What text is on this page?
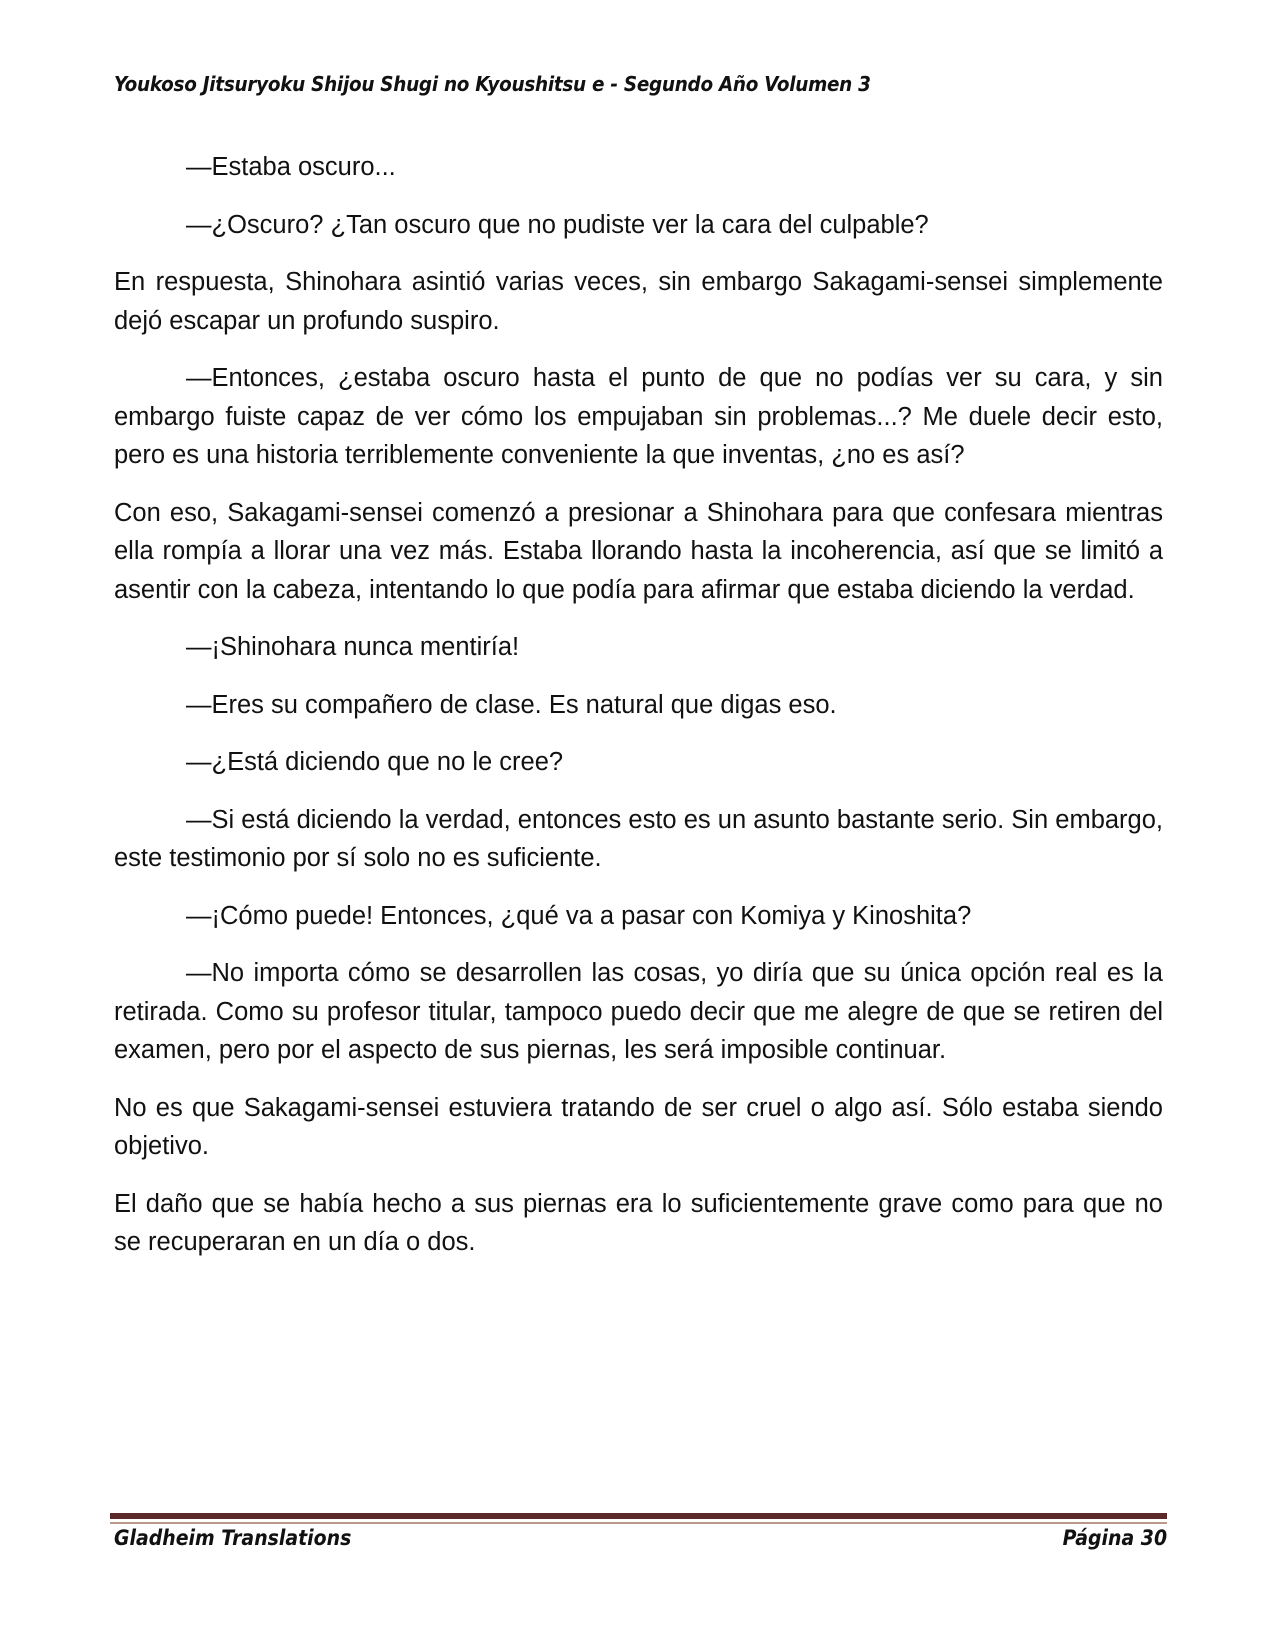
Youkoso Jitsuryoku Shijou Shugi no Kyoushitsu e - Segundo Año Volumen 3

—Estaba oscuro...

—¿Oscuro? ¿Tan oscuro que no pudiste ver la cara del culpable?

En respuesta, Shinohara asintió varias veces, sin embargo Sakagami-sensei simplemente dejó escapar un profundo suspiro.

—Entonces, ¿estaba oscuro hasta el punto de que no podías ver su cara, y sin embargo fuiste capaz de ver cómo los empujaban sin problemas...? Me duele decir esto, pero es una historia terriblemente conveniente la que inventas, ¿no es así?

Con eso, Sakagami-sensei comenzó a presionar a Shinohara para que confesara mientras ella rompía a llorar una vez más. Estaba llorando hasta la incoherencia, así que se limitó a asentir con la cabeza, intentando lo que podía para afirmar que estaba diciendo la verdad.

—¡Shinohara nunca mentiría!

—Eres su compañero de clase. Es natural que digas eso.

—¿Está diciendo que no le cree?

—Si está diciendo la verdad, entonces esto es un asunto bastante serio. Sin embargo, este testimonio por sí solo no es suficiente.

—¡Cómo puede! Entonces, ¿qué va a pasar con Komiya y Kinoshita?

—No importa cómo se desarrollen las cosas, yo diría que su única opción real es la retirada. Como su profesor titular, tampoco puedo decir que me alegre de que se retiren del examen, pero por el aspecto de sus piernas, les será imposible continuar.

No es que Sakagami-sensei estuviera tratando de ser cruel o algo así. Sólo estaba siendo objetivo.

El daño que se había hecho a sus piernas era lo suficientemente grave como para que no se recuperaran en un día o dos.

Gladheim Translations	Página 30
